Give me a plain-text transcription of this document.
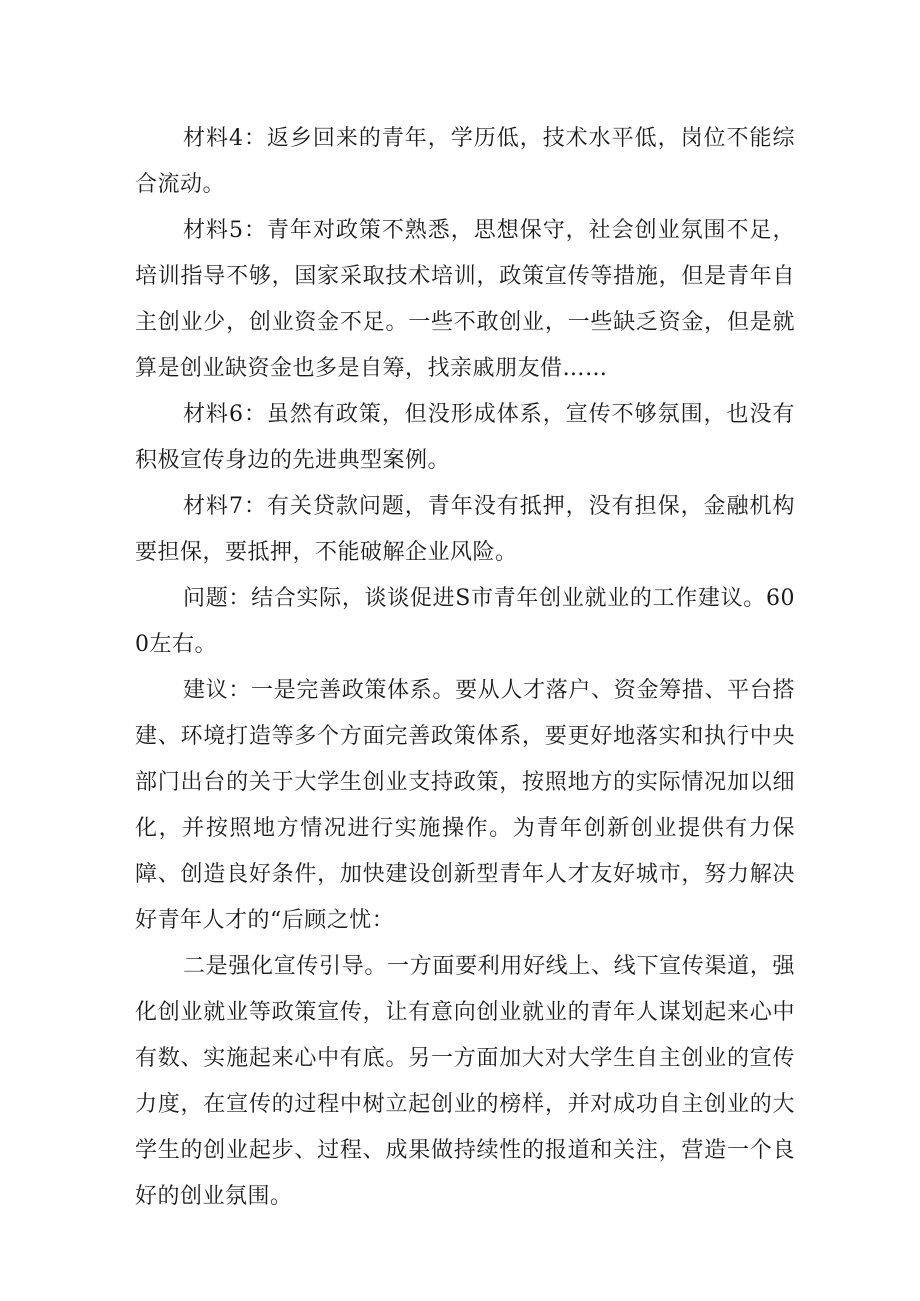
材料4：返乡回来的青年，学历低，技术水平低，岗位不能综合流动。

材料5：青年对政策不熟悉，思想保守，社会创业氛围不足，培训指导不够，国家采取技术培训，政策宣传等措施，但是青年自主创业少，创业资金不足。一些不敢创业，一些缺乏资金，但是就算是创业缺资金也多是自筹，找亲戚朋友借……

材料6：虽然有政策，但没形成体系，宣传不够氛围，也没有积极宣传身边的先进典型案例。

材料7：有关贷款问题，青年没有抵押，没有担保，金融机构要担保，要抵押，不能破解企业风险。

问题：结合实际，谈谈促进S市青年创业就业的工作建议。600左右。

建议：一是完善政策体系。要从人才落户、资金筹措、平台搭建、环境打造等多个方面完善政策体系，要更好地落实和执行中央部门出台的关于大学生创业支持政策，按照地方的实际情况加以细化，并按照地方情况进行实施操作。为青年创新创业提供有力保障、创造良好条件，加快建设创新型青年人才友好城市，努力解决好青年人才的“后顾之忧：

二是强化宣传引导。一方面要利用好线上、线下宣传渠道，强化创业就业等政策宣传，让有意向创业就业的青年人谋划起来心中有数、实施起来心中有底。另一方面加大对大学生自主创业的宣传力度，在宣传的过程中树立起创业的榜样，并对成功自主创业的大学生的创业起步、过程、成果做持续性的报道和关注，营造一个良好的创业氛围。
